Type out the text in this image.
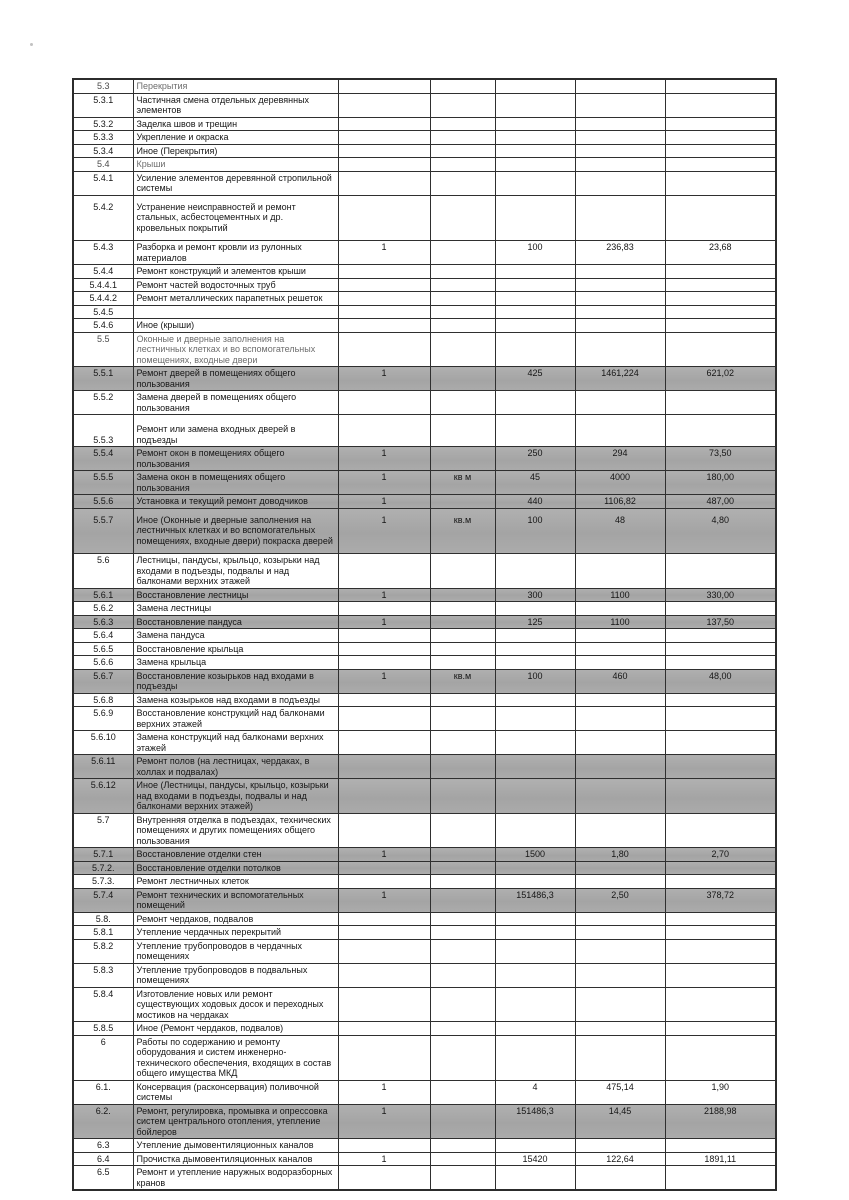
5.3	Перекрытия					
5.3.1	Частичная смена отдельных деревянных элементов					
5.3.2	Заделка швов и трещин					
5.3.3	Укрепление и окраска					
5.3.4	Иное (Перекрытия)					
5.4	Крыши					
5.4.1	Усиление элементов деревянной стропильной системы					
5.4.2	Устранение неисправностей и ремонт стальных, асбестоцементных и др. кровельных покрытий					
5.4.3	Разборка и ремонт кровли из рулонных материалов	1		100	236,83	23,68
5.4.4	Ремонт конструкций и элементов крыши					
5.4.4.1	Ремонт частей водосточных труб					
5.4.4.2	Ремонт металлических парапетных решеток					
5.4.5						
5.4.6	Иное (крыши)					
5.5	Оконные и дверные заполнения на лестничных клетках и во вспомогательных помещениях, входные двери					
5.5.1	Ремонт дверей в помещениях общего пользования	1		425	1461,224	621,02
5.5.2	Замена дверей в помещениях общего пользования					
5.5.3	Ремонт или замена входных дверей в подъезды					
5.5.4	Ремонт окон в помещениях общего пользования	1		250	294	73,50
5.5.5	Замена окон в помещениях общего пользования	1	кв м	45	4000	180,00
5.5.6	Установка и текущий ремонт доводчиков	1		440	1106,82	487,00
5.5.7	Иное (Оконные и дверные заполнения на лестничных клетках и во вспомогательных помещениях, входные двери) покраска дверей	1	кв.м	100	48	4,80
5.6	Лестницы, пандусы, крыльцо, козырьки над входами в подъезды, подвалы и над балконами верхних этажей					
5.6.1	Восстановление лестницы	1		300	1100	330,00
5.6.2	Замена лестницы					
5.6.3	Восстановление пандуса	1		125	1100	137,50
5.6.4	Замена пандуса					
5.6.5	Восстановление крыльца					
5.6.6	Замена крыльца					
5.6.7	Восстановление козырьков над входами в подъезды	1	кв.м	100	460	48,00
5.6.8	Замена козырьков над входами в подъезды					
5.6.9	Восстановление конструкций над балконами верхних этажей					
5.6.10	Замена конструкций над балконами верхних этажей					
5.6.11	Ремонт полов (на лестницах, чердаках, в холлах и подвалах)					
5.6.12	Иное (Лестницы, пандусы, крыльцо, козырьки над входами в подъезды, подвалы и над балконами верхних этажей)					
5.7	Внутренняя отделка в подъездах, технических помещениях и других помещениях общего пользования					
5.7.1	Восстановление отделки стен	1		1500	1,80	2,70
5.7.2.	Восстановление отделки потолков					
5.7.3.	Ремонт лестничных клеток					
5.7.4	Ремонт технических и вспомогательных помещений	1		151486,3	2,50	378,72
5.8.	Ремонт чердаков, подвалов					
5.8.1	Утепление чердачных перекрытий					
5.8.2	Утепление трубопроводов в чердачных помещениях					
5.8.3	Утепление трубопроводов в подвальных помещениях					
5.8.4	Изготовление новых или ремонт существующих ходовых досок и переходных мостиков на чердаках					
5.8.5	Иное (Ремонт чердаков, подвалов)					
6	Работы по содержанию и ремонту оборудования и систем инженерно-технического обеспечения, входящих в состав общего имущества МКД					
6.1.	Консервация (расконсервация) поливочной системы	1		4	475,14	1,90
6.2.	Ремонт, регулировка, промывка и опрессовка систем центрального отопления, утепление бойлеров	1		151486,3	14,45	2188,98
6.3	Утепление дымовентиляционных каналов					
6.4	Прочистка дымовентиляционных каналов	1		15420	122,64	1891,11
6.5	Ремонт и утепление наружных водоразборных кранов					
